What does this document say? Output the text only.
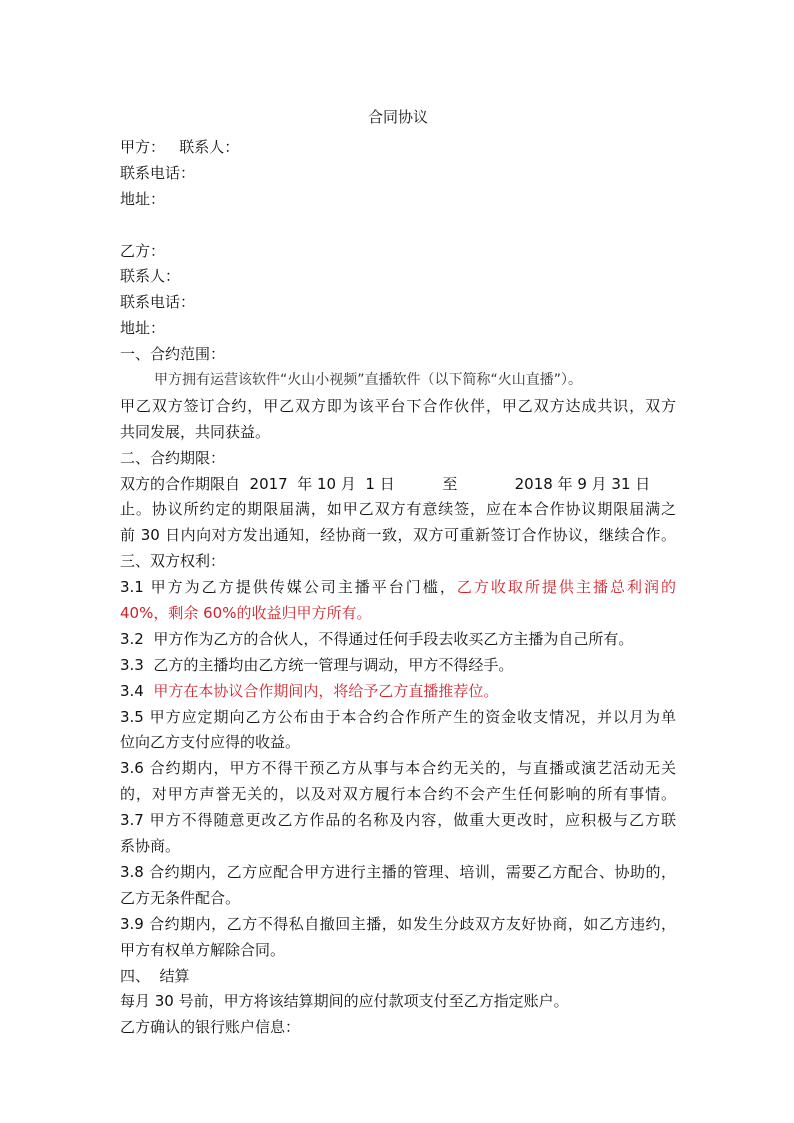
合同协议
甲方：   联系人：
联系电话：
地址：
乙方：
联系人：
联系电话：
地址：
一、合约范围：
甲方拥有运营该软件“火山小视频”直播软件（以下简称“火山直播”）。
甲乙双方签订合约，甲乙双方即为该平台下合作伙伴，甲乙双方达成共识，双方
共同发展，共同获益。
二、合约期限：
双方的合作期限自  2017  年 10 月  1 日          至            2018 年 9 月 31 日
止。协议所约定的期限届满，如甲乙双方有意续签，应在本合作协议期限届满之
前 30 日内向对方发出通知，经协商一致，双方可重新签订合作协议，继续合作。
三、双方权利：
3.1 甲方为乙方提供传媒公司主播平台门槛，乙方收取所提供主播总利润的
40%，剩余 60%的收益归甲方所有。
3.2  甲方作为乙方的合伙人，不得通过任何手段去收买乙方主播为自己所有。
3.3  乙方的主播均由乙方统一管理与调动，甲方不得经手。
3.4  甲方在本协议合作期间内，将给予乙方直播推荐位。
3.5 甲方应定期向乙方公布由于本合约合作所产生的资金收支情况，并以月为单
位向乙方支付应得的收益。
3.6 合约期内，甲方不得干预乙方从事与本合约无关的，与直播或演艺活动无关
的，对甲方声誉无关的，以及对双方履行本合约不会产生任何影响的所有事情。
3.7 甲方不得随意更改乙方作品的名称及内容，做重大更改时，应积极与乙方联
系协商。
3.8 合约期内，乙方应配合甲方进行主播的管理、培训，需要乙方配合、协助的，
乙方无条件配合。
3.9 合约期内，乙方不得私自撤回主播，如发生分歧双方友好协商，如乙方违约，
甲方有权单方解除合同。
四、  结算
每月 30 号前，甲方将该结算期间的应付款项支付至乙方指定账户。
乙方确认的银行账户信息：
